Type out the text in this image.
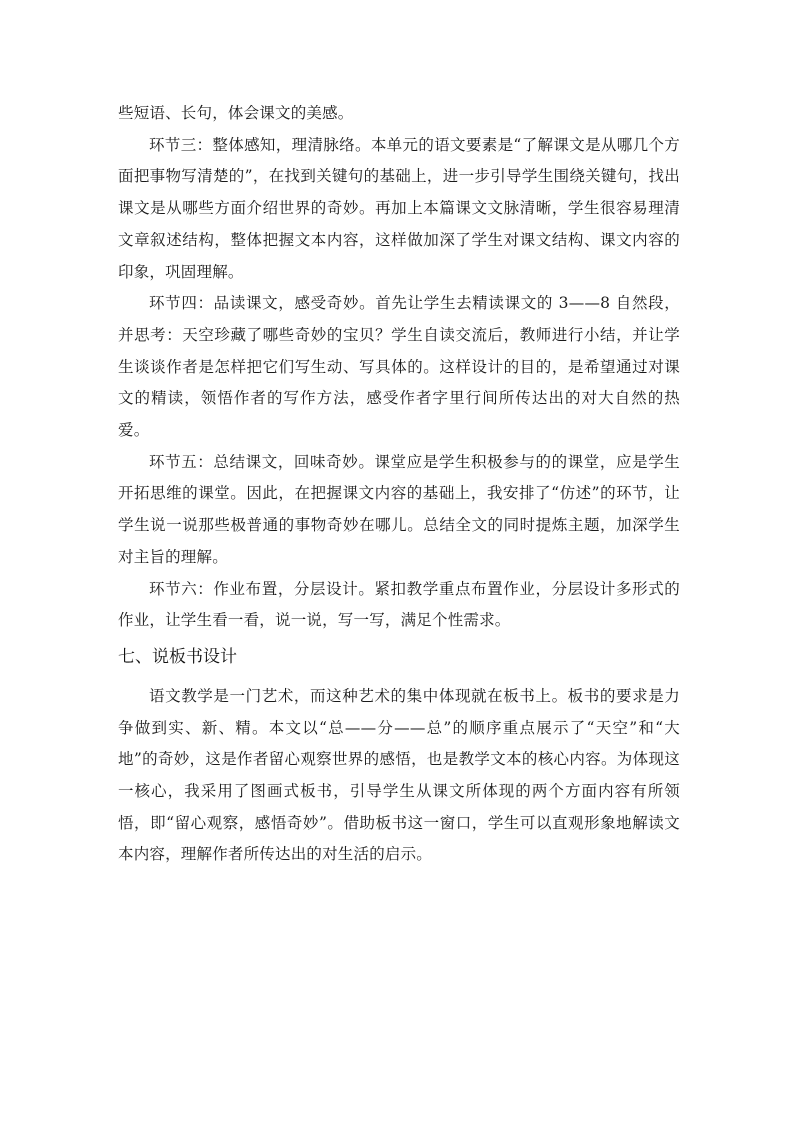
些短语、长句，体会课文的美感。

环节三：整体感知，理清脉络。本单元的语文要素是“了解课文是从哪几个方面把事物写清楚的”，在找到关键句的基础上，进一步引导学生围绕关键句，找出课文是从哪些方面介绍世界的奇妙。再加上本篇课文文脉清晰，学生很容易理清文章叙述结构，整体把握文本内容，这样做加深了学生对课文结构、课文内容的印象，巩固理解。

环节四：品读课文，感受奇妙。首先让学生去精读课文的 3——8 自然段，并思考：天空珍藏了哪些奇妙的宝贝？学生自读交流后，教师进行小结，并让学生谈谈作者是怎样把它们写生动、写具体的。这样设计的目的，是希望通过对课文的精读，领悟作者的写作方法，感受作者字里行间所传达出的对大自然的热爱。

环节五：总结课文，回味奇妙。课堂应是学生积极参与的的课堂，应是学生开拓思维的课堂。因此，在把握课文内容的基础上，我安排了“仿述”的环节，让学生说一说那些极普通的事物奇妙在哪儿。总结全文的同时提炼主题，加深学生对主旨的理解。

环节六：作业布置，分层设计。紧扣教学重点布置作业，分层设计多形式的作业，让学生看一看，说一说，写一写，满足个性需求。

七、说板书设计

语文教学是一门艺术，而这种艺术的集中体现就在板书上。板书的要求是力争做到实、新、精。本文以“总——分——总”的顺序重点展示了“天空”和“大地”的奇妙，这是作者留心观察世界的感悟，也是教学文本的核心内容。为体现这一核心，我采用了图画式板书，引导学生从课文所体现的两个方面内容有所领悟，即“留心观察，感悟奇妙”。借助板书这一窗口，学生可以直观形象地解读文本内容，理解作者所传达出的对生活的启示。
